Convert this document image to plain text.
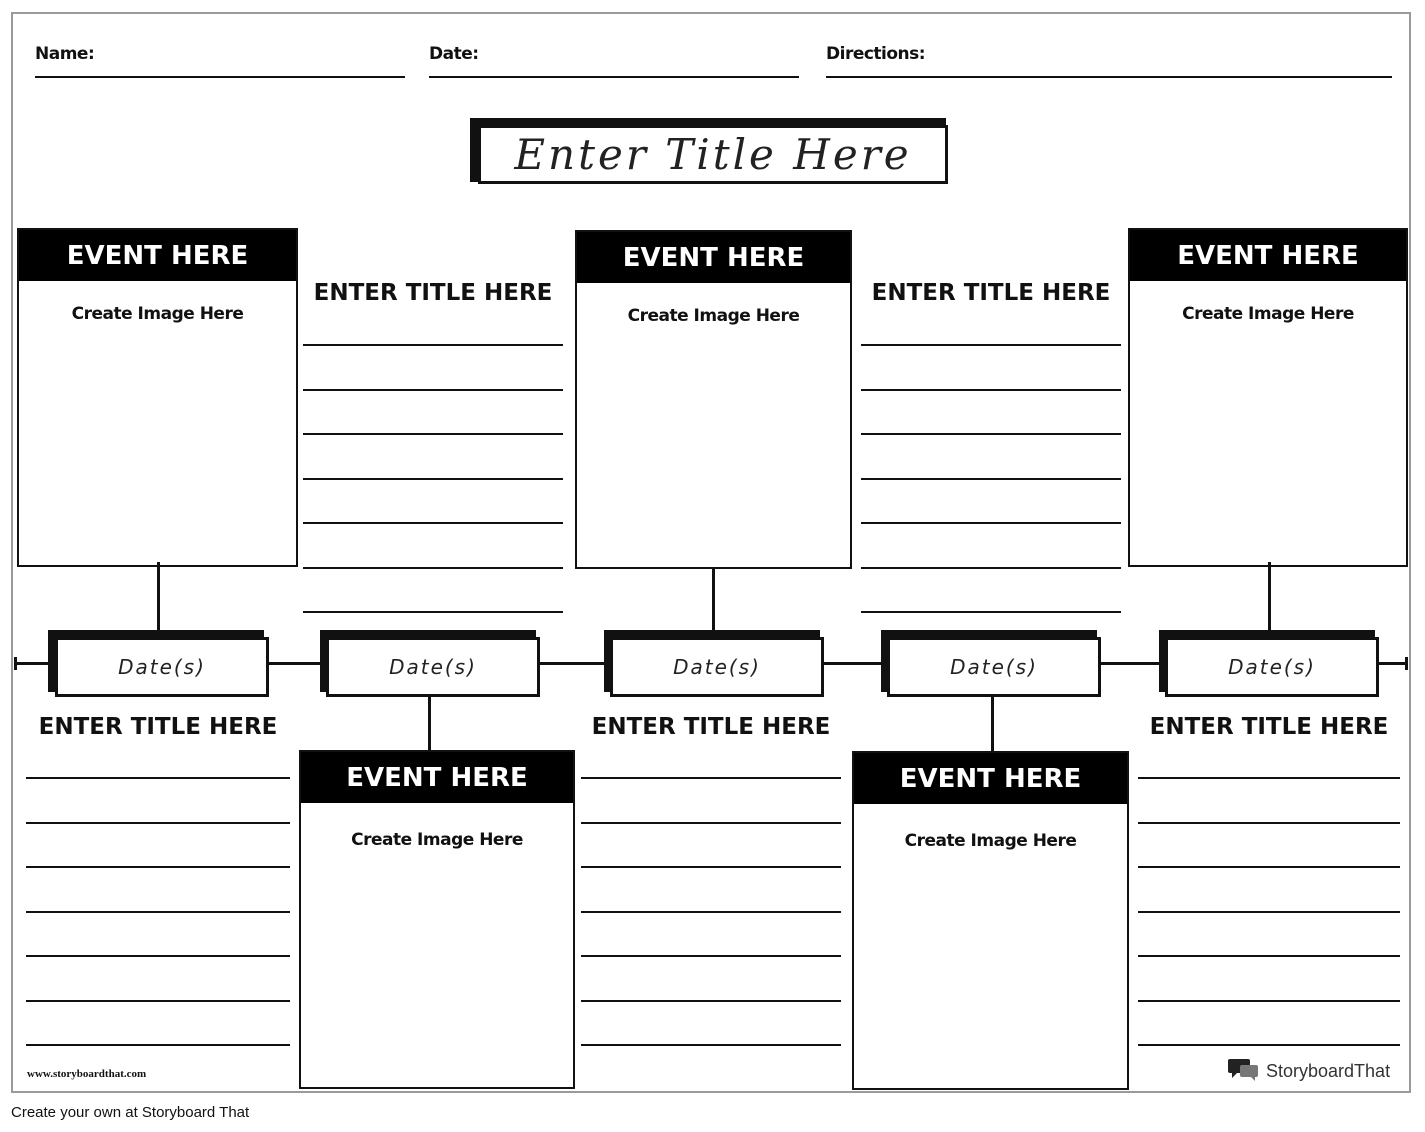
Name:	Date:	Directions:
Enter Title Here
EVENT HERE
Create Image Here
EVENT HERE
Create Image Here
EVENT HERE
Create Image Here
EVENT HERE
Create Image Here
EVENT HERE
Create Image Here
ENTER TITLE HERE	ENTER TITLE HERE
Date(s)	Date(s)	Date(s)	Date(s)	Date(s)
ENTER TITLE HERE	ENTER TITLE HERE	ENTER TITLE HERE
www.storyboardthat.com	StoryboardThat
Create your own at Storyboard That
